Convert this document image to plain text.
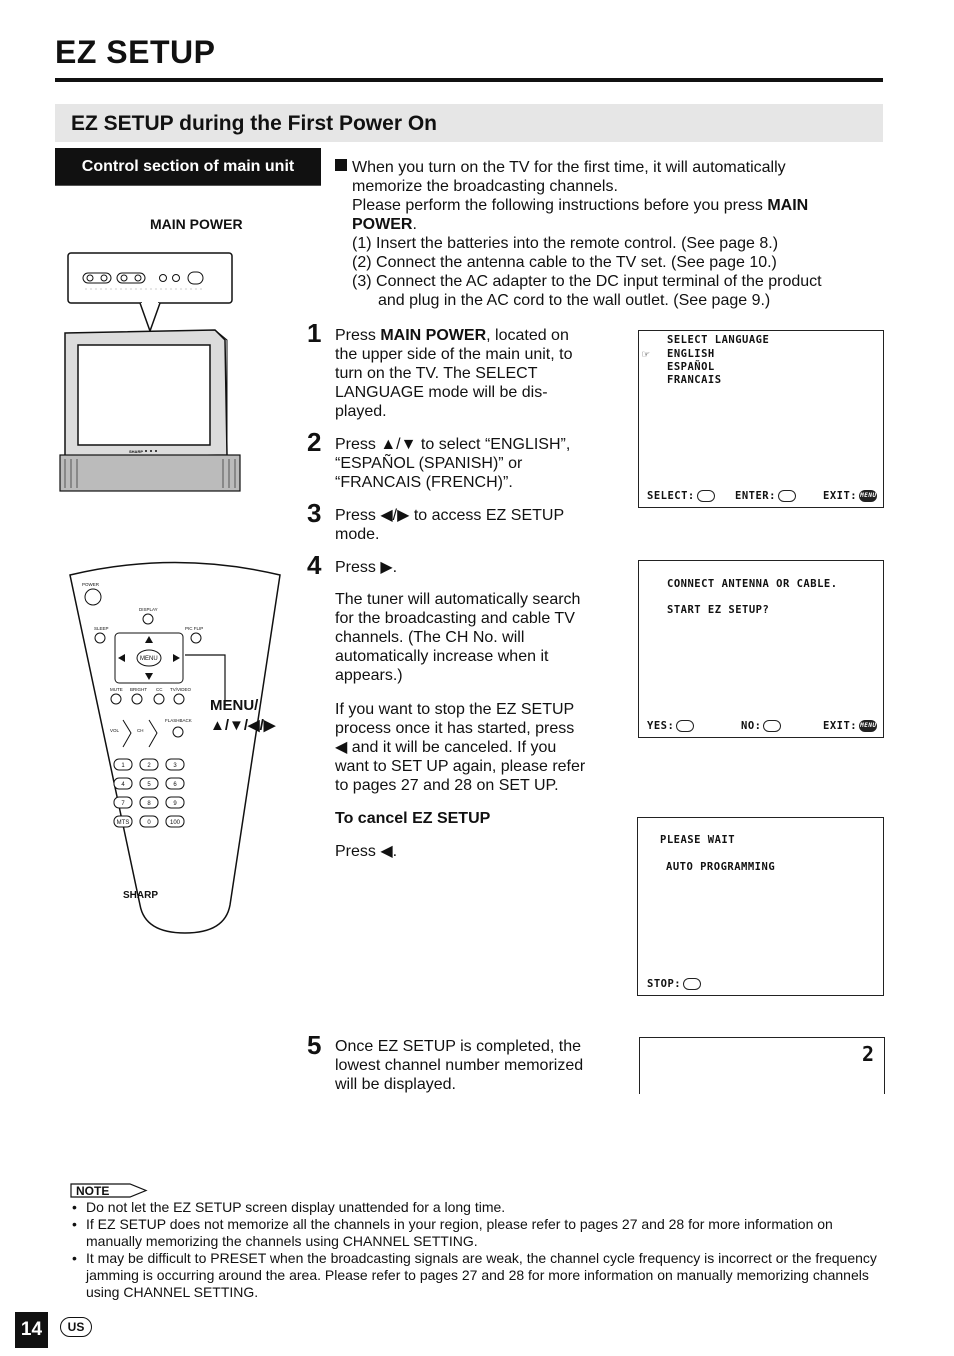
EZ SETUP
EZ SETUP during the First Power On
Control section of main unit
MAIN POWER
SHARP
POWER
DISPLAY
SLEEP	PIC FLIP
MENU
MUTE BRIGHT CC TV/VIDEO
FLASHBACK
VOL	CH
1	2	3
4	5	6
7	8	9
MTS	0	100
SHARP
MENU/
▲/▼/◀/▶
When you turn on the TV for the first time, it will automatically
memorize the broadcasting channels.
Please perform the following instructions before you press MAIN
POWER.
(1) Insert the batteries into the remote control. (See page 8.)
(2) Connect the antenna cable to the TV set. (See page 10.)
(3) Connect the AC adapter to the DC input terminal of the product
and plug in the AC cord to the wall outlet. (See page 9.)
1 Press MAIN POWER, located on
the upper side of the main unit, to
turn on the TV. The SELECT
LANGUAGE mode will be dis-
played.
2 Press ▲/▼ to select “ENGLISH”,
“ESPAÑOL (SPANISH)” or
“FRANCAIS (FRENCH)”.
3 Press ◀/▶ to access EZ SETUP
mode.
4 Press ▶.
The tuner will automatically search
for the broadcasting and cable TV
channels. (The CH No. will
automatically increase when it
appears.)
If you want to stop the EZ SETUP
process once it has started, press
◀ and it will be canceled. If you
want to SET UP again, please refer
to pages 27 and 28 on SET UP.
To cancel EZ SETUP
Press ◀.
5 Once EZ SETUP is completed, the
lowest channel number memorized
will be displayed.
SELECT LANGUAGE
☞ ENGLISH
ESPAÑOL
FRANCAIS
SELECT:	ENTER:	EXIT: MENU
CONNECT ANTENNA OR CABLE.
START EZ SETUP?
YES:	NO:	EXIT: MENU
PLEASE WAIT
AUTO PROGRAMMING
STOP:
2
NOTE
• Do not let the EZ SETUP screen display unattended for a long time.
• If EZ SETUP does not memorize all the channels in your region, please refer to pages 27 and 28 for more information on manually memorizing the channels using CHANNEL SETTING.
• It may be difficult to PRESET when the broadcasting signals are weak, the channel cycle frequency is incorrect or the frequency jamming is occurring around the area. Please refer to pages 27 and 28 for more information on manually memorizing channels using CHANNEL SETTING.
14	US
